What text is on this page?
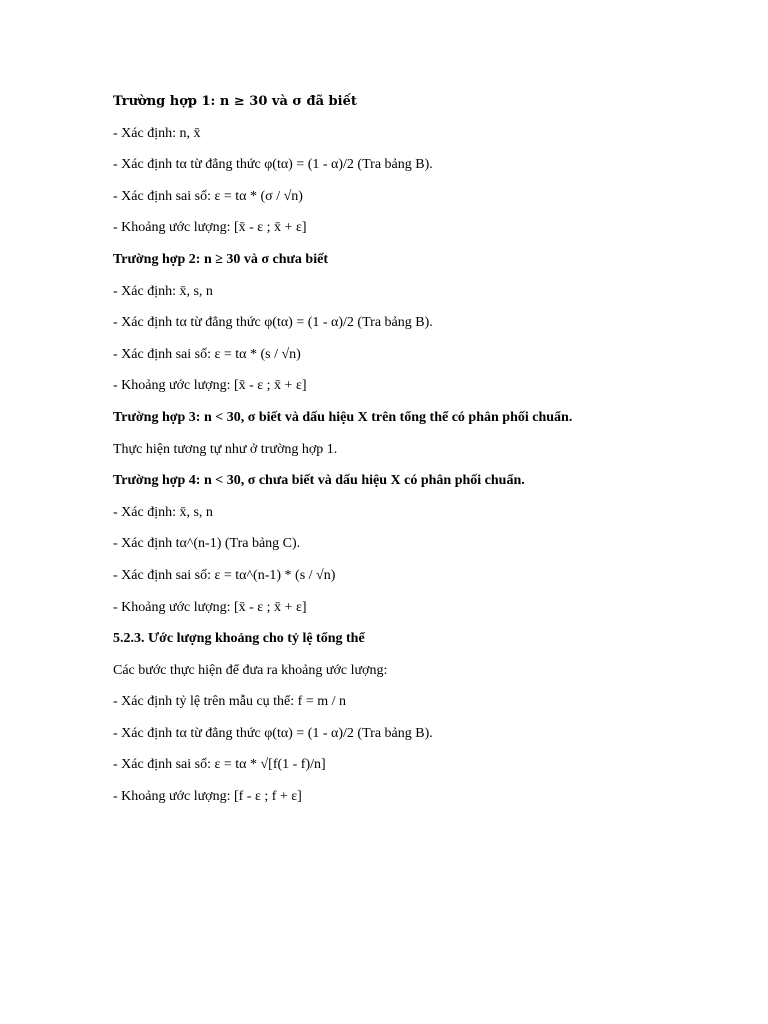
Trường hợp 1: n ≥ 30 và σ đã biết
- Xác định: n, x̄
- Xác định tα từ đẳng thức φ(tα) = (1 - α)/2 (Tra bảng B).
- Xác định sai số: ε = tα * (σ / √n)
- Khoảng ước lượng: [x̄ - ε ; x̄ + ε]
Trường hợp 2: n ≥ 30 và σ chưa biết
- Xác định: x̄, s, n
- Xác định tα từ đẳng thức φ(tα) = (1 - α)/2 (Tra bảng B).
- Xác định sai số: ε = tα * (s / √n)
- Khoảng ước lượng: [x̄ - ε ; x̄ + ε]
Trường hợp 3: n < 30, σ biết và dấu hiệu X trên tổng thể có phân phối chuẩn.
Thực hiện tương tự như ở trường hợp 1.
Trường hợp 4: n < 30, σ chưa biết và dấu hiệu X có phân phối chuẩn.
- Xác định: x̄, s, n
- Xác định tα^(n-1) (Tra bảng C).
- Xác định sai số: ε = tα^(n-1) * (s / √n)
- Khoảng ước lượng: [x̄ - ε ; x̄ + ε]
5.2.3. Ước lượng khoảng cho tỷ lệ tổng thể
Các bước thực hiện để đưa ra khoảng ước lượng:
- Xác định tỷ lệ trên mẫu cụ thể: f = m / n
- Xác định tα từ đẳng thức φ(tα) = (1 - α)/2 (Tra bảng B).
- Xác định sai số: ε = tα * √[f(1 - f)/n]
- Khoảng ước lượng: [f - ε ; f + ε]
